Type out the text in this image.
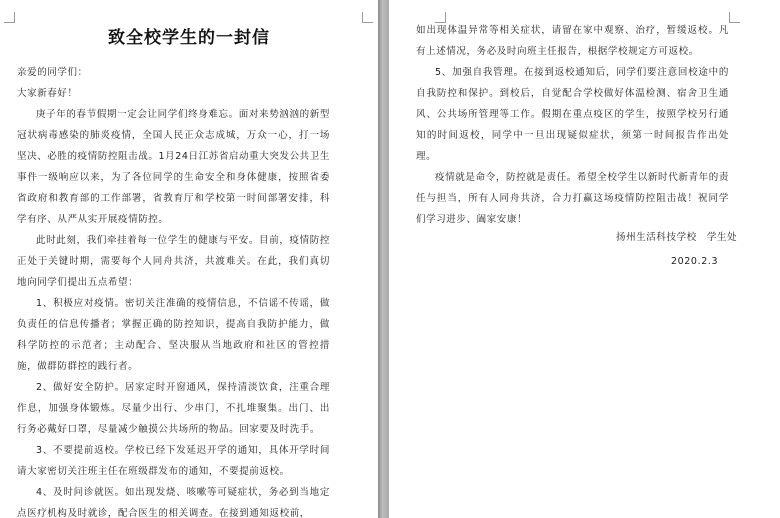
致全校学生的一封信

亲爱的同学们：

大家新春好！

庚子年的春节假期一定会让同学们终身难忘。面对来势汹汹的新型冠状病毒感染的肺炎疫情，全国人民正众志成城，万众一心，打一场坚决、必胜的疫情防控阻击战。1月24日江苏省启动重大突发公共卫生事件一级响应以来，为了各位同学的生命安全和身体健康，按照省委省政府和教育部的工作部署，省教育厅和学校第一时间部署安排，科学有序、从严从实开展疫情防控。

此时此刻，我们牵挂着每一位学生的健康与平安。目前，疫情防控正处于关键时期，需要每个人同舟共济，共渡难关。在此，我们真切地向同学们提出五点希望：

1、积极应对疫情。密切关注准确的疫情信息，不信谣不传谣，做负责任的信息传播者；掌握正确的防控知识，提高自我防护能力，做科学防控的示范者；主动配合、坚决服从当地政府和社区的管控措施，做群防群控的践行者。

2、做好安全防护。居家定时开窗通风，保持清淡饮食，注重合理作息，加强身体锻炼。尽量少出行、少串门，不扎堆聚集。出门、出行务必戴好口罩，尽量减少触摸公共场所的物品。回家要及时洗手。

3、不要提前返校。学校已经下发延迟开学的通知，具体开学时间请大家密切关注班主任在班级群发布的通知，不要提前返校。

4、及时问诊就医。如出现发烧、咳嗽等可疑症状，务必到当地定点医疗机构及时就诊，配合医生的相关调查。在接到通知返校前，

如出现体温异常等相关症状，请留在家中观察、治疗，暂缓返校。凡有上述情况，务必及时向班主任报告，根据学校规定方可返校。

5、加强自我管理。在接到返校通知后，同学们要注意回校途中的自我防控和保护。到校后，自觉配合学校做好体温检测、宿舍卫生通风、公共场所管理等工作。假期在重点疫区的学生，按照学校另行通知的时间返校，同学中一旦出现疑似症状，须第一时间报告作出处理。

疫情就是命令，防控就是责任。希望全校学生以新时代新青年的责任与担当，所有人同舟共济，合力打赢这场疫情防控阻击战！祝同学们学习进步、阖家安康！

扬州生活科技学校　学生处
2020.2.3
